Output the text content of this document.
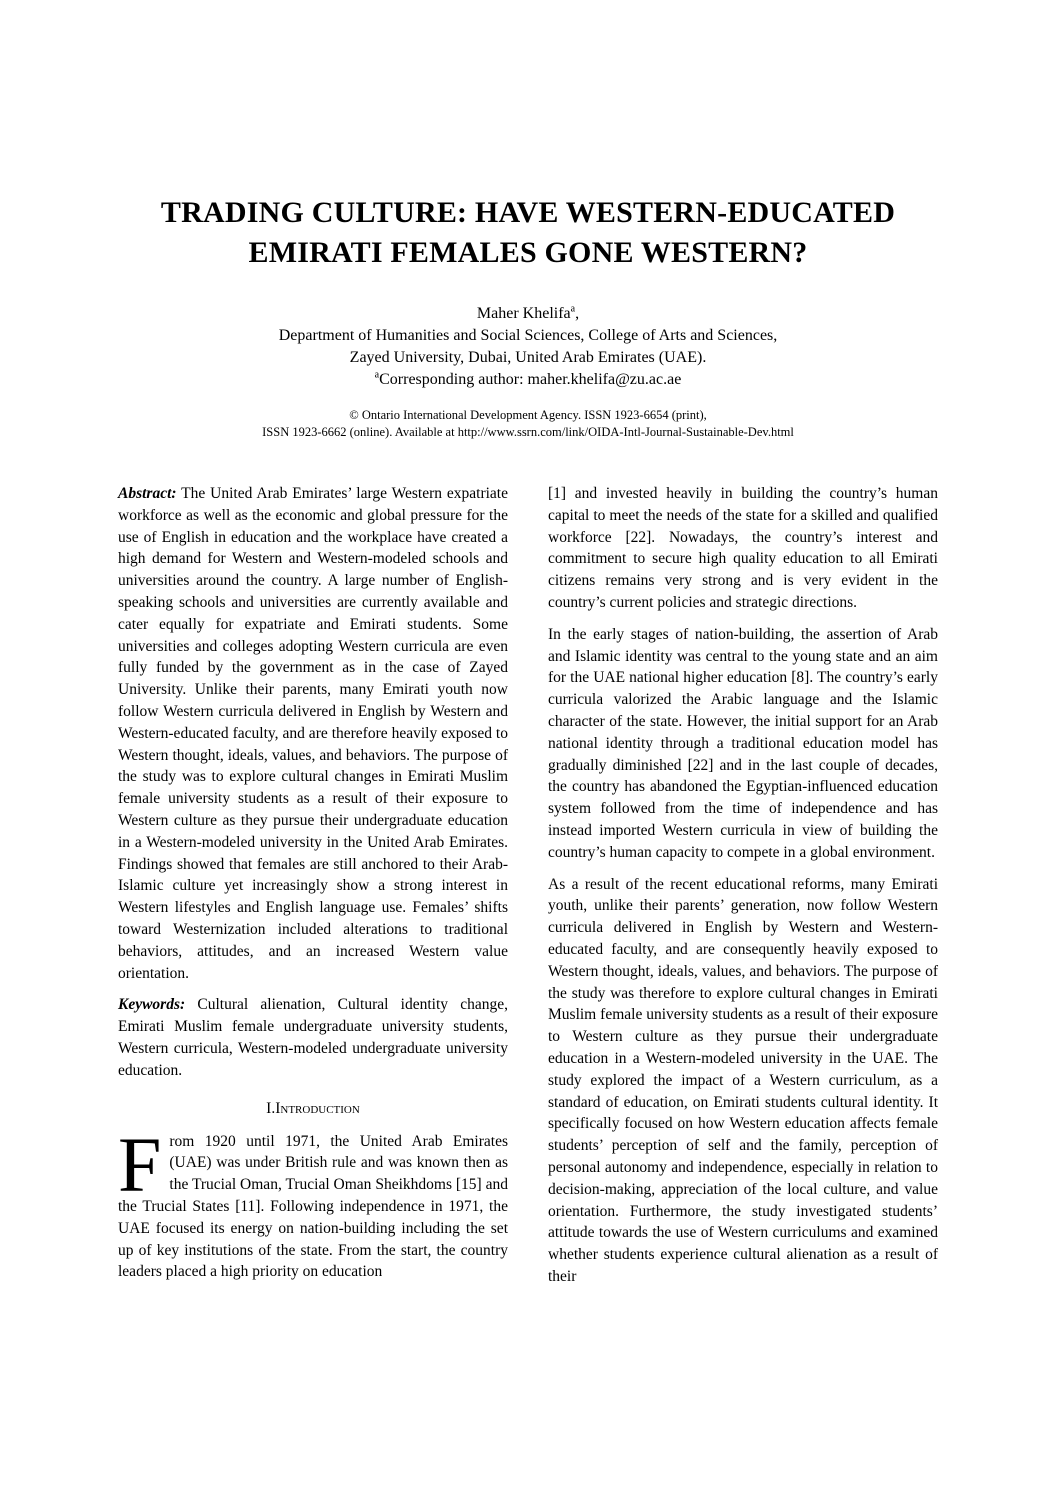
TRADING CULTURE: HAVE WESTERN-EDUCATED EMIRATI FEMALES GONE WESTERN?
Maher Khelifa$^a$,
Department of Humanities and Social Sciences, College of Arts and Sciences,
Zayed University, Dubai, United Arab Emirates (UAE).
$^a$Corresponding author: maher.khelifa@zu.ac.ae
© Ontario International Development Agency. ISSN 1923-6654 (print),
ISSN 1923-6662 (online). Available at http://www.ssrn.com/link/OIDA-Intl-Journal-Sustainable-Dev.html

Abstract: The United Arab Emirates’ large Western expatriate workforce as well as the economic and global pressure for the use of English in education and the workplace have created a high demand for Western and Western-modeled schools and universities around the country. A large number of English-speaking schools and universities are currently available and cater equally for expatriate and Emirati students. Some universities and colleges adopting Western curricula are even fully funded by the government as in the case of Zayed University. Unlike their parents, many Emirati youth now follow Western curricula delivered in English by Western and Western-educated faculty, and are therefore heavily exposed to Western thought, ideals, values, and behaviors. The purpose of the study was to explore cultural changes in Emirati Muslim female university students as a result of their exposure to Western culture as they pursue their undergraduate education in a Western-modeled university in the United Arab Emirates. Findings showed that females are still anchored to their Arab-Islamic culture yet increasingly show a strong interest in Western lifestyles and English language use. Females’ shifts toward Westernization included alterations to traditional behaviors, attitudes, and an increased Western value orientation.

Keywords: Cultural alienation, Cultural identity change, Emirati Muslim female undergraduate university students, Western curricula, Western-modeled undergraduate university education.

I.Introduction

From 1920 until 1971, the United Arab Emirates (UAE) was under British rule and was known then as the Trucial Oman, Trucial Oman Sheikhdoms [15] and the Trucial States [11]. Following independence in 1971, the UAE focused its energy on nation-building including the set up of key institutions of the state. From the start, the country leaders placed a high priority on education

[1] and invested heavily in building the country’s human capital to meet the needs of the state for a skilled and qualified workforce [22]. Nowadays, the country’s interest and commitment to secure high quality education to all Emirati citizens remains very strong and is very evident in the country’s current policies and strategic directions.

In the early stages of nation-building, the assertion of Arab and Islamic identity was central to the young state and an aim for the UAE national higher education [8]. The country’s early curricula valorized the Arabic language and the Islamic character of the state. However, the initial support for an Arab national identity through a traditional education model has gradually diminished [22] and in the last couple of decades, the country has abandoned the Egyptian-influenced education system followed from the time of independence and has instead imported Western curricula in view of building the country’s human capacity to compete in a global environment.

As a result of the recent educational reforms, many Emirati youth, unlike their parents’ generation, now follow Western curricula delivered in English by Western and Western-educated faculty, and are consequently heavily exposed to Western thought, ideals, values, and behaviors. The purpose of the study was therefore to explore cultural changes in Emirati Muslim female university students as a result of their exposure to Western culture as they pursue their undergraduate education in a Western-modeled university in the UAE. The study explored the impact of a Western curriculum, as a standard of education, on Emirati students cultural identity. It specifically focused on how Western education affects female students’ perception of self and the family, perception of personal autonomy and independence, especially in relation to decision-making, appreciation of the local culture, and value orientation. Furthermore, the study investigated students’ attitude towards the use of Western curriculums and examined whether students experience cultural alienation as a result of their
